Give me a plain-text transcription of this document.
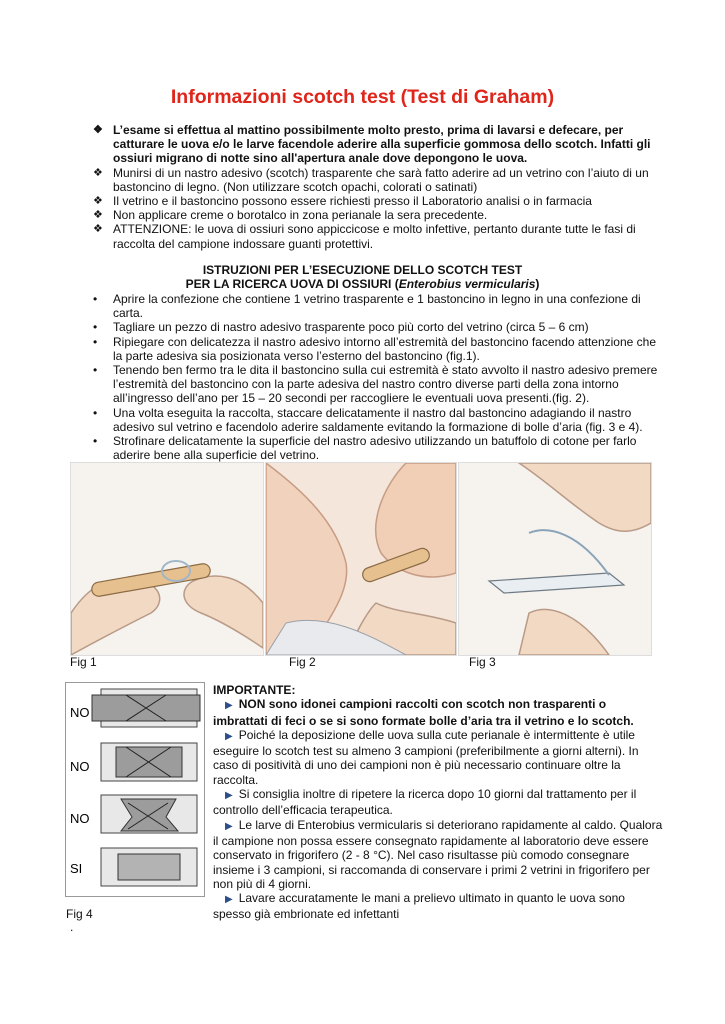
Informazioni scotch test (Test di Graham)
❖ L’esame si effettua al mattino possibilmente molto presto, prima di lavarsi e defecare, per catturare le uova e/o le larve facendole aderire alla superficie gommosa dello scotch. Infatti gli ossiuri migrano di notte sino all'apertura anale dove depongono le uova.
❖ Munirsi di un nastro adesivo (scotch) trasparente che sarà fatto aderire ad un vetrino con l’aiuto di un bastoncino di legno. (Non utilizzare scotch opachi, colorati o satinati)
❖ Il vetrino e il bastoncino possono essere richiesti presso il Laboratorio analisi o in farmacia
❖ Non applicare creme o borotalco in zona perianale la sera precedente.
❖ ATTENZIONE: le uova di ossiuri sono appiccicose e molto infettive, pertanto durante tutte le fasi di raccolta del campione indossare guanti protettivi.
ISTRUZIONI PER L’ESECUZIONE DELLO SCOTCH TEST
PER LA RICERCA UOVA DI OSSIURI (Enterobius vermicularis)
• Aprire la confezione che contiene 1 vetrino trasparente e 1 bastoncino in legno in una confezione di carta.
• Tagliare un pezzo di nastro adesivo trasparente poco più corto del vetrino (circa 5 – 6 cm)
• Ripiegare con delicatezza il nastro adesivo intorno all’estremità del bastoncino facendo attenzione che la parte adesiva sia posizionata verso l’esterno del bastoncino (fig.1).
• Tenendo ben fermo tra le dita il bastoncino sulla cui estremità è stato avvolto il nastro adesivo premere l’estremità del bastoncino con la parte adesiva del nastro contro diverse parti della zona intorno all’ingresso dell’ano per 15 – 20 secondi per raccogliere le eventuali uova presenti.(fig. 2).
• Una volta eseguita la raccolta, staccare delicatamente il nastro dal bastoncino adagiando il nastro adesivo sul vetrino e facendolo aderire saldamente evitando la formazione di bolle d’aria (fig. 3 e 4).
• Strofinare delicatamente la superficie del nastro adesivo utilizzando un batuffolo di cotone per farlo aderire bene alla superficie del vetrino.
Fig 1	Fig 2	Fig 3
NO
NO
NO
SI
Fig 4
.
IMPORTANTE:
▶ NON sono idonei campioni raccolti con scotch non trasparenti o imbrattati di feci o se si sono formate bolle d’aria tra il vetrino e lo scotch.
▶ Poiché la deposizione delle uova sulla cute perianale è intermittente è utile eseguire lo scotch test su almeno 3 campioni (preferibilmente a giorni alterni). In caso di positività di uno dei campioni non è più necessario continuare oltre la raccolta.
▶ Si consiglia inoltre di ripetere la ricerca dopo 10 giorni dal trattamento per il controllo dell’efficacia terapeutica.
▶ Le larve di Enterobius vermicularis si deteriorano rapidamente al caldo. Qualora il campione non possa essere consegnato rapidamente al laboratorio deve essere conservato in frigorifero (2 - 8 °C). Nel caso risultasse più comodo consegnare insieme i 3 campioni, si raccomanda di conservare i primi 2 vetrini in frigorifero per non più di 4 giorni.
▶ Lavare accuratamente le mani a prelievo ultimato in quanto le uova sono spesso già embrionate ed infettanti
